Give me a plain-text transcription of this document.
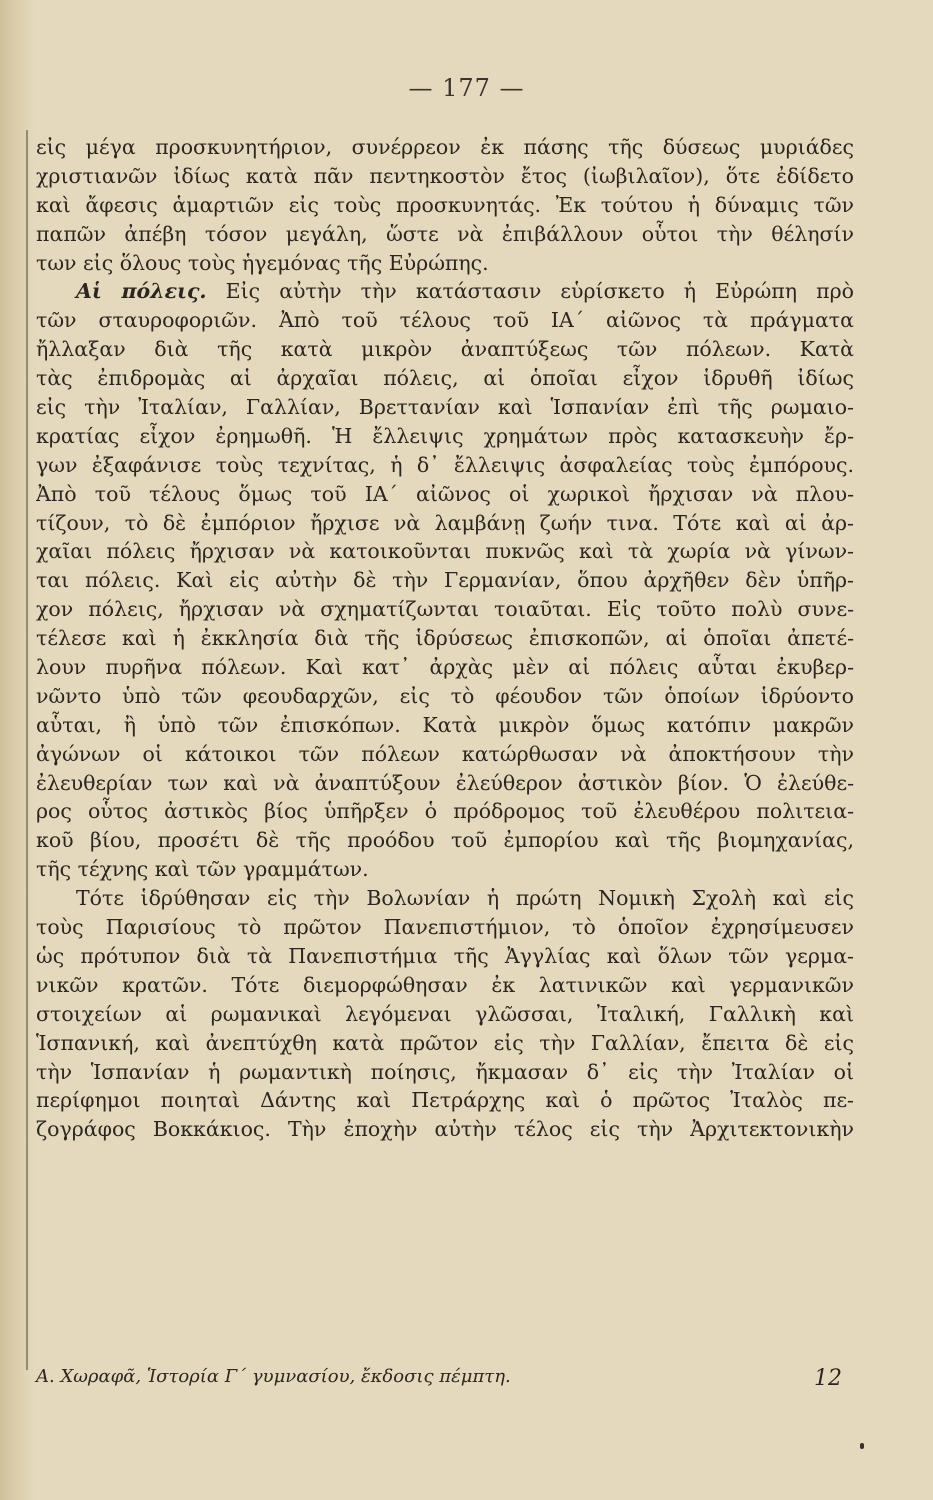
— 177 —
εἰς μέγα προσκυνητήριον, συνέρρεον ἐκ πάσης τῆς δύσεως μυριάδες
χριστιανῶν ἰδίως κατὰ πᾶν πεντηκοστὸν ἔτος (ἰωβιλαῖον), ὅτε ἐδίδετο
καὶ ἄφεσις ἁμαρτιῶν εἰς τοὺς προσκυνητάς. Ἐκ τούτου ἡ δύναμις τῶν
παπῶν ἀπέβη τόσον μεγάλη, ὥστε νὰ ἐπιβάλλουν οὗτοι τὴν θέλησίν
των εἰς ὅλους τοὺς ἡγεμόνας τῆς Εὐρώπης.
Αἱ πόλεις. Εἰς αὐτὴν τὴν κατάστασιν εὑρίσκετο ἡ Εὐρώπη πρὸ
τῶν σταυροφοριῶν. Ἀπὸ τοῦ τέλους τοῦ ΙΑ΄ αἰῶνος τὰ πράγματα
ἤλλαξαν διὰ τῆς κατὰ μικρὸν ἀναπτύξεως τῶν πόλεων. Κατὰ
τὰς ἐπιδρομὰς αἱ ἀρχαῖαι πόλεις, αἱ ὁποῖαι εἶχον ἱδρυθῆ ἰδίως
εἰς τὴν Ἰταλίαν, Γαλλίαν, Βρεττανίαν καὶ Ἱσπανίαν ἐπὶ τῆς ρωμαιο-
κρατίας εἶχον ἐρημωθῆ. Ἡ ἔλλειψις χρημάτων πρὸς κατασκευὴν ἔρ-
γων ἐξαφάνισε τοὺς τεχνίτας, ἡ δ᾿ ἔλλειψις ἀσφαλείας τοὺς ἐμπόρους.
Ἀπὸ τοῦ τέλους ὅμως τοῦ ΙΑ΄ αἰῶνος οἱ χωρικοὶ ἤρχισαν νὰ πλου-
τίζουν, τὸ δὲ ἐμπόριον ἤρχισε νὰ λαμβάνῃ ζωήν τινα. Τότε καὶ αἱ ἀρ-
χαῖαι πόλεις ἤρχισαν νὰ κατοικοῦνται πυκνῶς καὶ τὰ χωρία νὰ γίνων-
ται πόλεις. Καὶ εἰς αὐτὴν δὲ τὴν Γερμανίαν, ὅπου ἀρχῆθεν δὲν ὑπῆρ-
χον πόλεις, ἤρχισαν νὰ σχηματίζωνται τοιαῦται. Εἰς τοῦτο πολὺ συνε-
τέλεσε καὶ ἡ ἐκκλησία διὰ τῆς ἱδρύσεως ἐπισκοπῶν, αἱ ὁποῖαι ἀπετέ-
λουν πυρῆνα πόλεων. Καὶ κατ᾿ ἀρχὰς μὲν αἱ πόλεις αὗται ἐκυβερ-
νῶντο ὑπὸ τῶν φεουδαρχῶν, εἰς τὸ φέουδον τῶν ὁποίων ἱδρύοντο
αὗται, ἢ ὑπὸ τῶν ἐπισκόπων. Κατὰ μικρὸν ὅμως κατόπιν μακρῶν
ἀγώνων οἱ κάτοικοι τῶν πόλεων κατώρθωσαν νὰ ἀποκτήσουν τὴν
ἐλευθερίαν των καὶ νὰ ἀναπτύξουν ἐλεύθερον ἀστικὸν βίον. Ὁ ἐλεύθε-
ρος οὗτος ἀστικὸς βίος ὑπῆρξεν ὁ πρόδρομος τοῦ ἐλευθέρου πολιτεια-
κοῦ βίου, προσέτι δὲ τῆς προόδου τοῦ ἐμπορίου καὶ τῆς βιομηχανίας,
τῆς τέχνης καὶ τῶν γραμμάτων.
Τότε ἱδρύθησαν εἰς τὴν Βολωνίαν ἡ πρώτη Νομικὴ Σχολὴ καὶ εἰς
τοὺς Παρισίους τὸ πρῶτον Πανεπιστήμιον, τὸ ὁποῖον ἐχρησίμευσεν
ὡς πρότυπον διὰ τὰ Πανεπιστήμια τῆς Ἀγγλίας καὶ ὅλων τῶν γερμα-
νικῶν κρατῶν. Τότε διεμορφώθησαν ἐκ λατινικῶν καὶ γερμανικῶν
στοιχείων αἱ ρωμανικαὶ λεγόμεναι γλῶσσαι, Ἰταλική, Γαλλικὴ καὶ
Ἱσπανική, καὶ ἀνεπτύχθη κατὰ πρῶτον εἰς τὴν Γαλλίαν, ἔπειτα δὲ εἰς
τὴν Ἱσπανίαν ἡ ρωμαντικὴ ποίησις, ἤκμασαν δ᾿ εἰς τὴν Ἰταλίαν οἱ
περίφημοι ποιηταὶ Δάντης καὶ Πετράρχης καὶ ὁ πρῶτος Ἰταλὸς πε-
ζογράφος Βοκκάκιος. Τὴν ἐποχὴν αὐτὴν τέλος εἰς τὴν Ἀρχιτεκτονικὴν
Α. Χωραφᾶ, Ἱστορία Γ΄ γυμνασίου, ἔκδοσις πέμπτη.	12
